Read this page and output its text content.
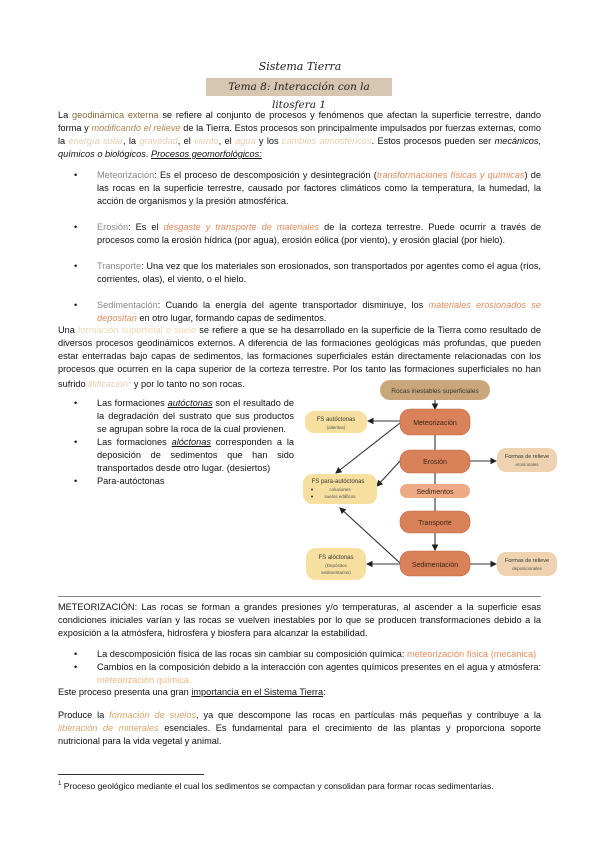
Sistema Tierra
Tema 8: Interacción con la litosfera 1
La geodinámica externa se refiere al conjunto de procesos y fenómenos que afectan la superficie terrestre, dando forma y modificando el relieve de la Tierra. Estos procesos son principalmente impulsados por fuerzas externas, como la energía solar, la gravedad, el viento, el agua y los cambios atmosféricos. Estos procesos pueden ser mecánicos, químicos o biológicos. Procesos geomorfológicos:
• Meteorización: Es el proceso de descomposición y desintegración (transformaciones físicas y químicas) de las rocas en la superficie terrestre, causado por factores climáticos como la temperatura, la humedad, la acción de organismos y la presión atmosférica.
• Erosión: Es el desgaste y transporte de materiales de la corteza terrestre. Puede ocurrir a través de procesos como la erosión hídrica (por agua), erosión eólica (por viento), y erosión glacial (por hielo).
• Transporte: Una vez que los materiales son erosionados, son transportados por agentes como el agua (ríos, corrientes, olas), el viento, o el hielo.
• Sedimentación: Cuando la energía del agente transportador disminuye, los materiales erosionados se depositan en otro lugar, formando capas de sedimentos.
Una formación superficial o suelo se refiere a que se ha desarrollado en la superficie de la Tierra como resultado de diversos procesos geodinámicos externos. A diferencia de las formaciones geológicas más profundas, que pueden estar enterradas bajo capas de sedimentos, las formaciones superficiales están directamente relacionadas con los procesos que ocurren en la capa superior de la corteza terrestre. Por los tanto las formaciones superficiales no han sufrido litificación$^1$ y por lo tanto no son rocas.
• Las formaciones autóctonas son el resultado de la degradación del sustrato que sus productos se agrupan sobre la roca de la cual provienen.
• Las formaciones alóctonas corresponden a la deposición de sedimentos que han sido transportados desde otro lugar. (desiertos)
• Para-autóctonas
Rocas inestables superficiales
Meteorización
Erosión
Sedimentos
Transporte
Sedimentación
FS autóctonas
(alteritas)
FS para-autóctonas
coluviones
suelos edáficos
FS alóctonas
(Depósitos
sedimentarios)
Formas de relieve
erosionales
Formas de relieve
deposicionales
METEORIZACIÓN: Las rocas se forman a grandes presiones y/o temperaturas, al ascender a la superficie esas condiciones iniciales varían y las rocas se vuelven inestables por lo que se producen transformaciones debido a la exposición a la atmósfera, hidrosfera y biosfera para alcanzar la estabilidad.
• La descomposición física de las rocas sin cambiar su composición química: meteorización física (mecánica)
• Cambios en la composición debido a la interacción con agentes químicos presentes en el agua y atmósfera: meteorización química.
Este proceso presenta una gran importancia en el Sistema Tierra:
Produce la formación de suelos, ya que descompone las rocas en partículas más pequeñas y contribuye a la liberación de minerales esenciales. Es fundamental para el crecimiento de las plantas y proporciona soporte nutricional para la vida vegetal y animal.
$^1$ Proceso geológico mediante el cual los sedimentos se compactan y consolidan para formar rocas sedimentarias.
